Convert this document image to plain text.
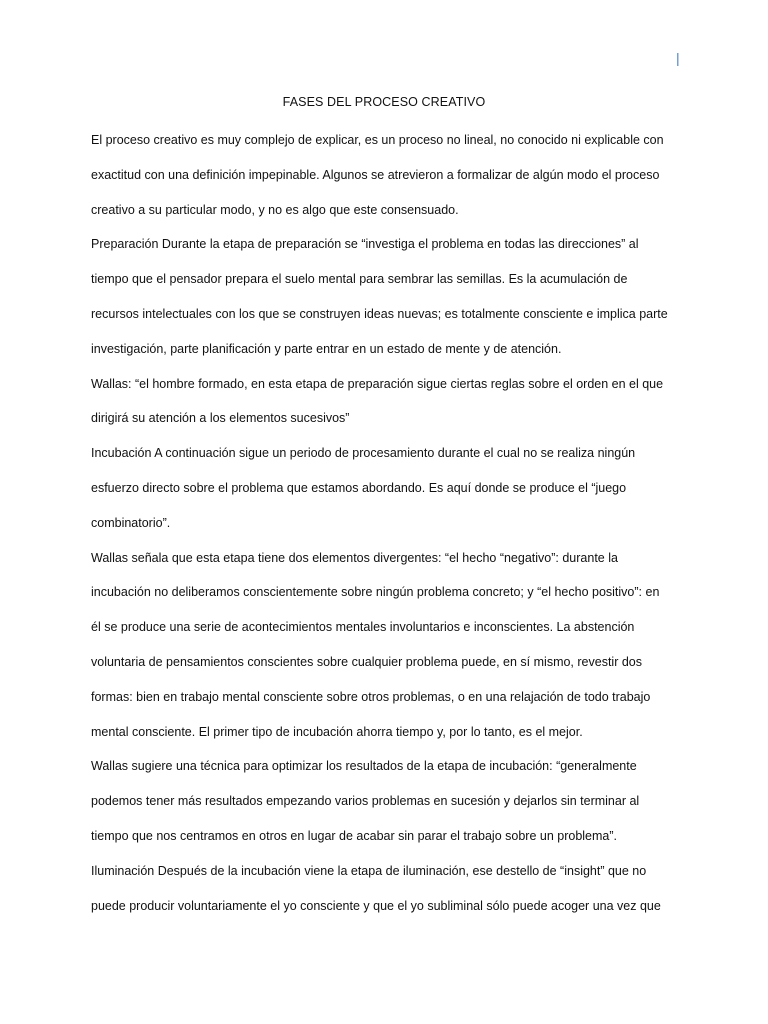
|
FASES DEL PROCESO CREATIVO
El proceso creativo es muy complejo de explicar, es un proceso no lineal, no conocido ni explicable con
exactitud con una definición impepinable. Algunos se atrevieron a formalizar de algún modo el proceso
creativo a su particular modo, y no es algo que este consensuado.
Preparación Durante la etapa de preparación se “investiga el problema en todas las direcciones” al
tiempo que el pensador prepara el suelo mental para sembrar las semillas. Es la acumulación de
recursos intelectuales con los que se construyen ideas nuevas; es totalmente consciente e implica parte
investigación, parte planificación y parte entrar en un estado de mente y de atención.
Wallas: “el hombre formado, en esta etapa de preparación sigue ciertas reglas sobre el orden en el que
dirigirá su atención a los elementos sucesivos”
Incubación A continuación sigue un periodo de procesamiento durante el cual no se realiza ningún
esfuerzo directo sobre el problema que estamos abordando. Es aquí donde se produce el “juego
combinatorio”.
Wallas señala que esta etapa tiene dos elementos divergentes: “el hecho “negativo”: durante la
incubación no deliberamos conscientemente sobre ningún problema concreto; y “el hecho positivo”: en
él se produce una serie de acontecimientos mentales involuntarios e inconscientes. La abstención
voluntaria de pensamientos conscientes sobre cualquier problema puede, en sí mismo, revestir dos
formas: bien en trabajo mental consciente sobre otros problemas, o en una relajación de todo trabajo
mental consciente. El primer tipo de incubación ahorra tiempo y, por lo tanto, es el mejor.
Wallas sugiere una técnica para optimizar los resultados de la etapa de incubación: “generalmente
podemos tener más resultados empezando varios problemas en sucesión y dejarlos sin terminar al
tiempo que nos centramos en otros en lugar de acabar sin parar el trabajo sobre un problema”.
Iluminación Después de la incubación viene la etapa de iluminación, ese destello de “insight” que no
puede producir voluntariamente el yo consciente y que el yo subliminal sólo puede acoger una vez que
